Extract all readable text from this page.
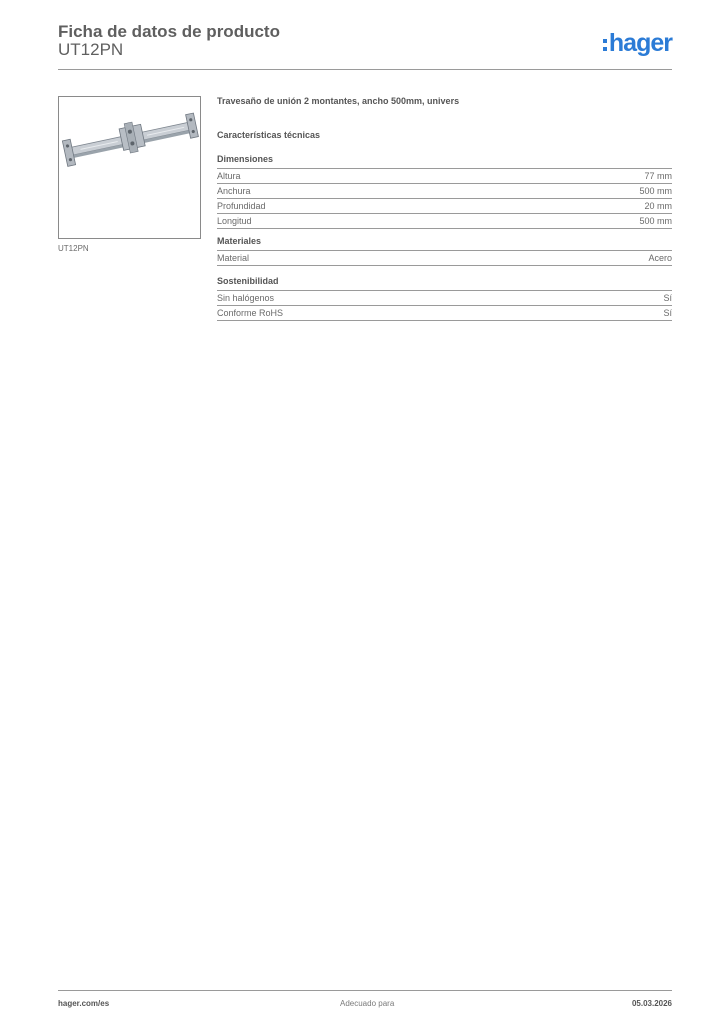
Ficha de datos de producto
UT12PN	hager
UT12PN
Travesaño de unión 2 montantes, ancho 500mm, univers
Características técnicas
Dimensiones
Altura	77 mm
Anchura	500 mm
Profundidad	20 mm
Longitud	500 mm
Materiales
Material	Acero
Sostenibilidad
Sin halógenos	Sí
Conforme RoHS	Sí
hager.com/es	Adecuado para	05.03.2026
